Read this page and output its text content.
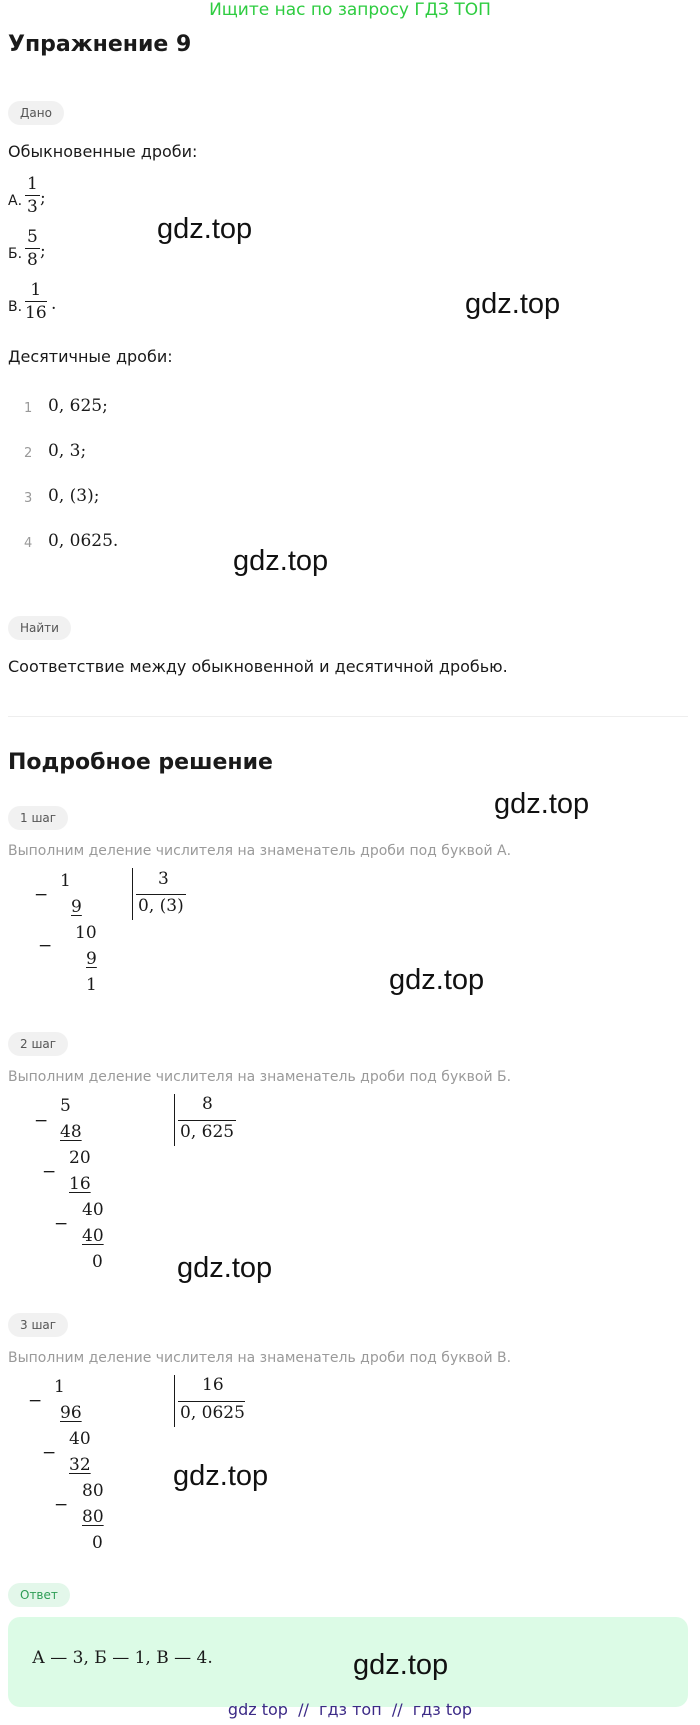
Ищите нас по запросу ГДЗ ТОП
Упражнение 9
Дано
Обыкновенные дроби:
А. $\frac{1}{3}$ ;
Б. $\frac{5}{8}$ ;
В. $\frac{1}{16}$ .
Десятичные дроби:
1 0, 625;
2 0, 3;
3 0, (3);
4 0, 0625.
Найти
Соответствие между обыкновенной и десятичной дробью.
Подробное решение
1 шаг
Выполним деление числителя на знаменатель дроби под буквой А.
−
1
9
−
10
9
1
3
0, (3)
2 шаг
Выполним деление числителя на знаменатель дроби под буквой Б.
−
5
48
−
20
16
−
40
40
0
8
0, 625
3 шаг
Выполним деление числителя на знаменатель дроби под буквой В.
−
1
96
−
40
32
−
80
80
0
16
0, 0625
Ответ
А — 3, Б — 1, В — 4.
gdz.top
gdz.top
gdz.top
gdz.top
gdz.top
gdz.top
gdz.top
gdz.top
gdz top  //  гдз топ  //  гдз top
